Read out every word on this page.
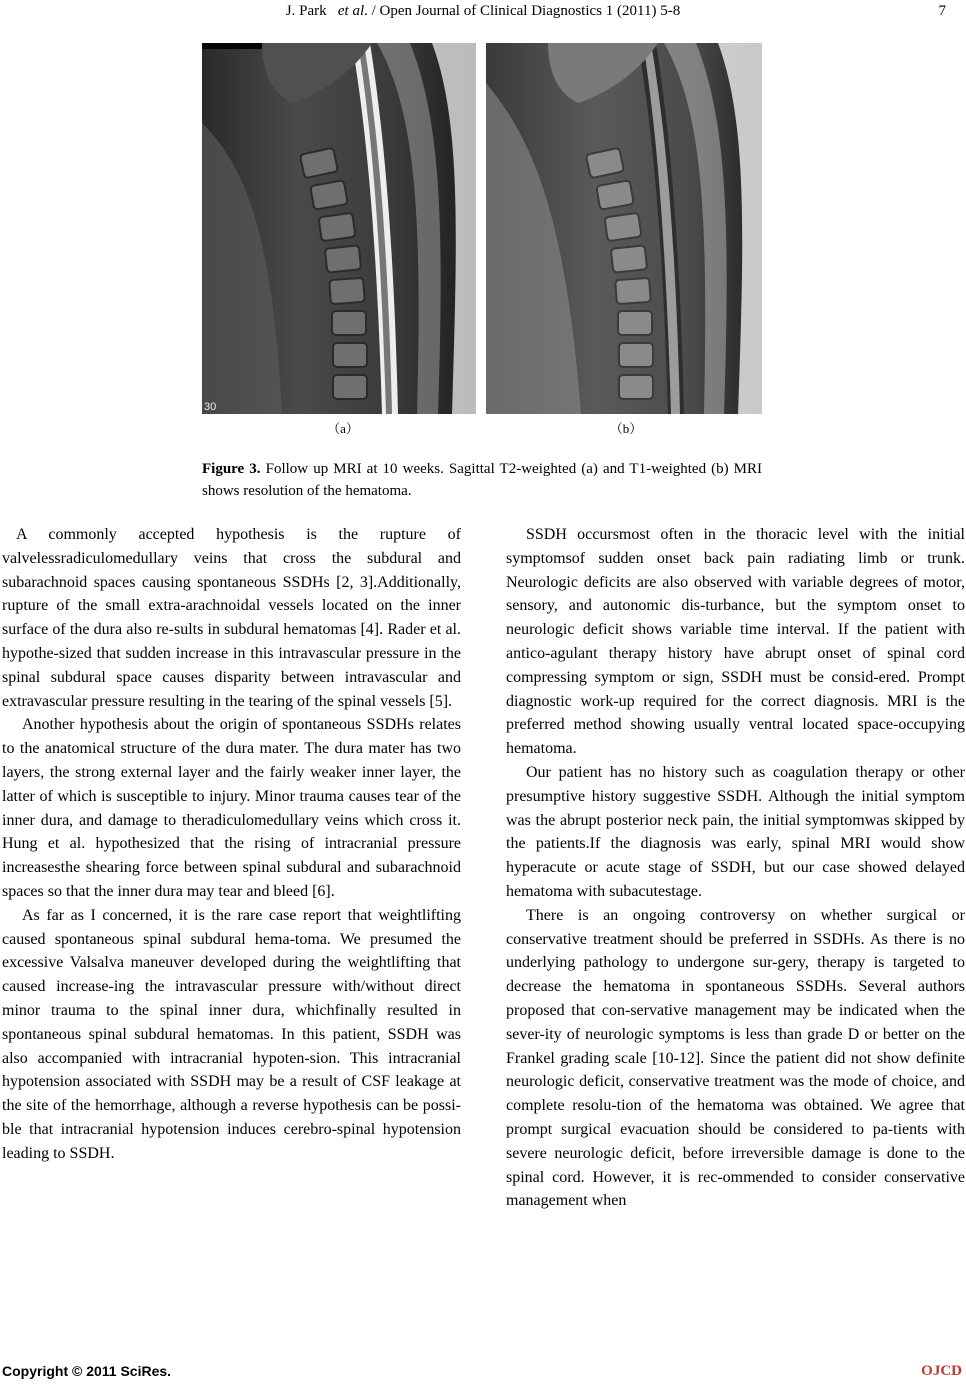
J. Park et al. / Open Journal of Clinical Diagnostics 1 (2011) 5-8	7
30
（a）	（b）
Figure 3. Follow up MRI at 10 weeks. Sagittal T2-weighted (a) and T1-weighted (b) MRI shows resolution of the hematoma.

A commonly accepted hypothesis is the rupture of valvelessradiculomedullary veins that cross the subdural and subarachnoid spaces causing spontaneous SSDHs [2, 3].Additionally, rupture of the small extra-arachnoidal vessels located on the inner surface of the dura also re-sults in subdural hematomas [4]. Rader et al. hypothe-sized that sudden increase in this intravascular pressure in the spinal subdural space causes disparity between intravascular and extravascular pressure resulting in the tearing of the spinal vessels [5].

Another hypothesis about the origin of spontaneous SSDHs relates to the anatomical structure of the dura mater. The dura mater has two layers, the strong external layer and the fairly weaker inner layer, the latter of which is susceptible to injury. Minor trauma causes tear of the inner dura, and damage to theradiculomedullary veins which cross it. Hung et al. hypothesized that the rising of intracranial pressure increasesthe shearing force between spinal subdural and subarachnoid spaces so that the inner dura may tear and bleed [6].

As far as I concerned, it is the rare case report that weightlifting caused spontaneous spinal subdural hema-toma. We presumed the excessive Valsalva maneuver developed during the weightlifting that caused increase-ing the intravascular pressure with/without direct minor trauma to the spinal inner dura, whichfinally resulted in spontaneous spinal subdural hematomas. In this patient, SSDH was also accompanied with intracranial hypoten-sion. This intracranial hypotension associated with SSDH may be a result of CSF leakage at the site of the hemorrhage, although a reverse hypothesis can be possi-ble that intracranial hypotension induces cerebro-spinal hypotension leading to SSDH.

SSDH occursmost often in the thoracic level with the initial symptomsof sudden onset back pain radiating limb or trunk. Neurologic deficits are also observed with variable degrees of motor, sensory, and autonomic dis-turbance, but the symptom onset to neurologic deficit shows variable time interval. If the patient with antico-agulant therapy history have abrupt onset of spinal cord compressing symptom or sign, SSDH must be consid-ered. Prompt diagnostic work-up required for the correct diagnosis. MRI is the preferred method showing usually ventral located space-occupying hematoma.

Our patient has no history such as coagulation therapy or other presumptive history suggestive SSDH. Although the initial symptom was the abrupt posterior neck pain, the initial symptomwas skipped by the patients.If the diagnosis was early, spinal MRI would show hyperacute or acute stage of SSDH, but our case showed delayed hematoma with subacutestage.

There is an ongoing controversy on whether surgical or conservative treatment should be preferred in SSDHs. As there is no underlying pathology to undergone sur-gery, therapy is targeted to decrease the hematoma in spontaneous SSDHs. Several authors proposed that con-servative management may be indicated when the sever-ity of neurologic symptoms is less than grade D or better on the Frankel grading scale [10-12]. Since the patient did not show definite neurologic deficit, conservative treatment was the mode of choice, and complete resolu-tion of the hematoma was obtained. We agree that prompt surgical evacuation should be considered to pa-tients with severe neurologic deficit, before irreversible damage is done to the spinal cord. However, it is rec-ommended to consider conservative management when

Copyright © 2011 SciRes.	OJCD
